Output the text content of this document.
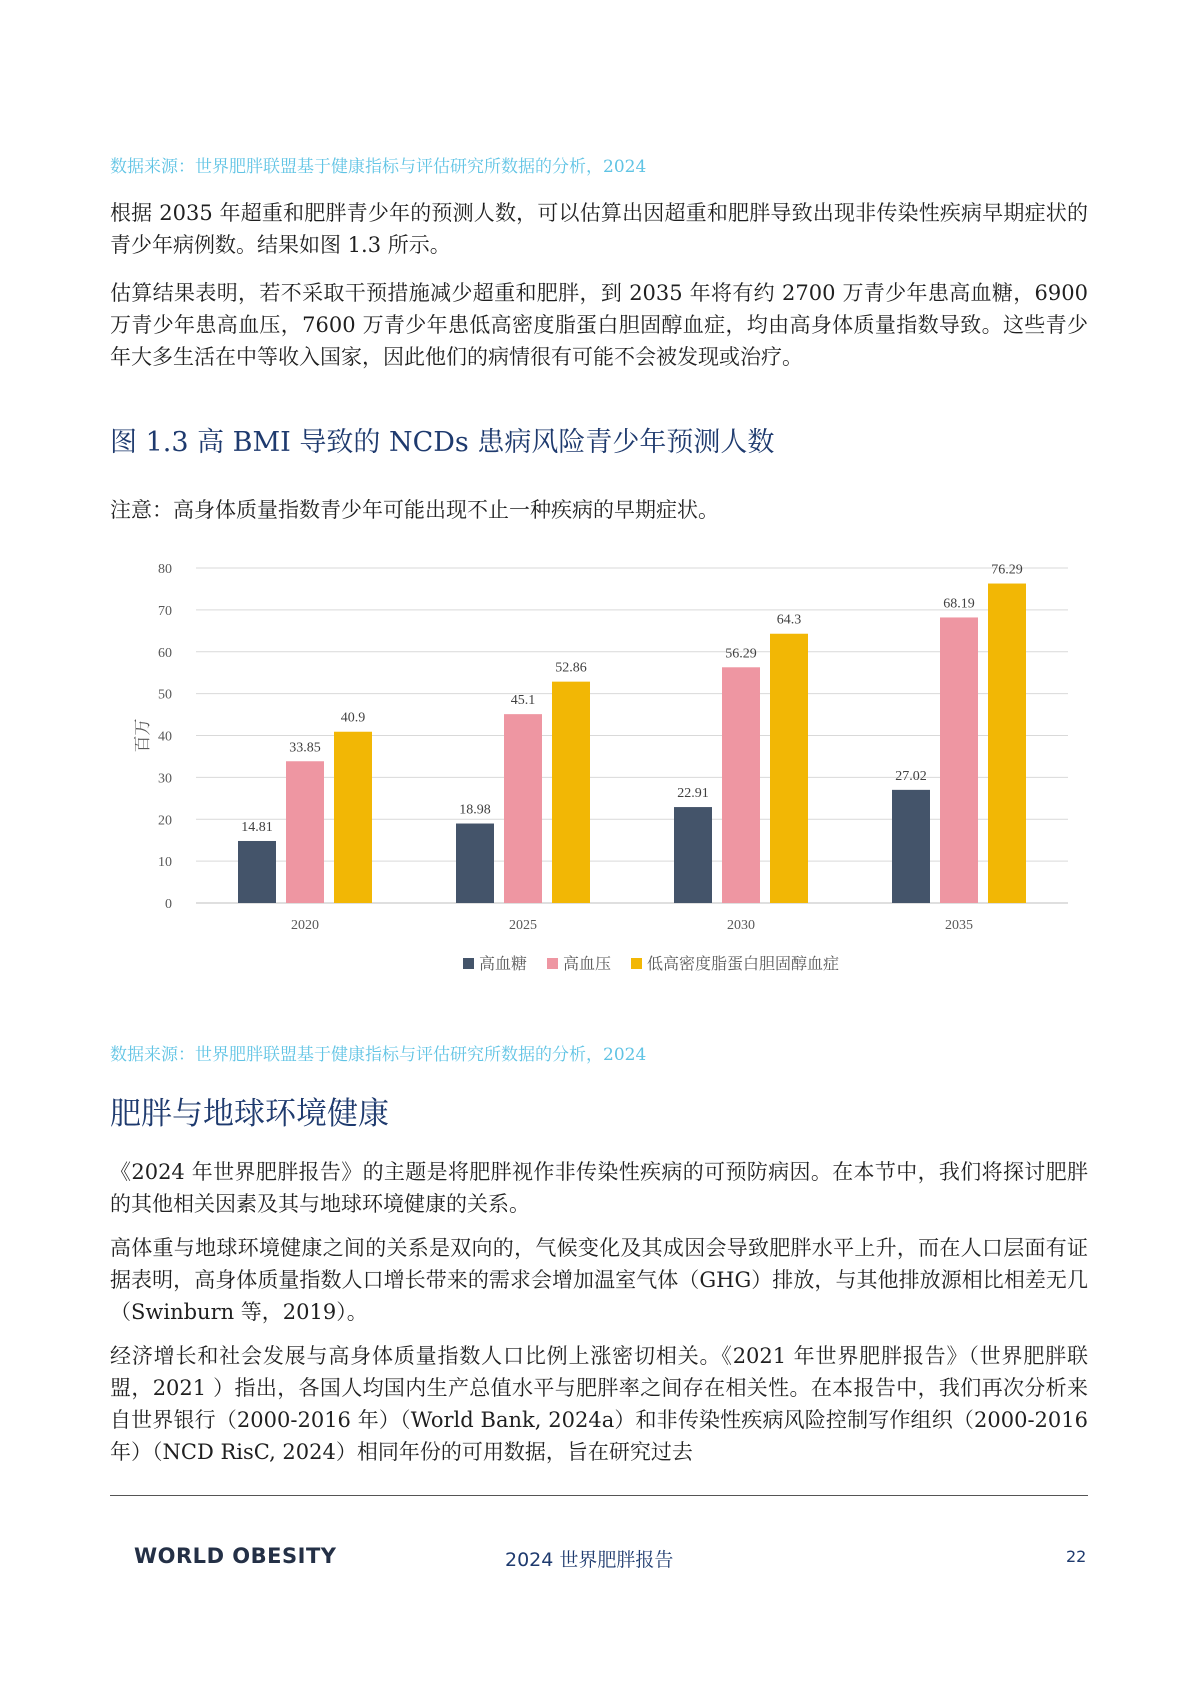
数据来源：世界肥胖联盟基于健康指标与评估研究所数据的分析，2024

根据 2035 年超重和肥胖青少年的预测人数，可以估算出因超重和肥胖导致出现非传染性疾病早期症状的青少年病例数。结果如图 1.3 所示。

估算结果表明，若不采取干预措施减少超重和肥胖，到 2035 年将有约 2700 万青少年患高血糖，6900 万青少年患高血压，7600 万青少年患低高密度脂蛋白胆固醇血症，均由高身体质量指数导致。这些青少年大多生活在中等收入国家，因此他们的病情很有可能不会被发现或治疗。

图 1.3 高 BMI 导致的 NCDs 患病风险青少年预测人数

注意：高身体质量指数青少年可能出现不止一种疾病的早期症状。

0
10
20
30
40
50
60
70
80
百万
14.81
33.85
40.9
2020
18.98
45.1
52.86
2025
22.91
56.29
64.3
2030
27.02
68.19
76.29
2035
高血糖 高血压 低高密度脂蛋白胆固醇血症
数据来源：世界肥胖联盟基于健康指标与评估研究所数据的分析，2024
肥胖与地球环境健康

《2024 年世界肥胖报告》的主题是将肥胖视作非传染性疾病的可预防病因。在本节中，我们将探讨肥胖的其他相关因素及其与地球环境健康的关系。

高体重与地球环境健康之间的关系是双向的，气候变化及其成因会导致肥胖水平上升，而在人口层面有证据表明，高身体质量指数人口增长带来的需求会增加温室气体（GHG）排放，与其他排放源相比相差无几（Swinburn 等，2019）。

经济增长和社会发展与高身体质量指数人口比例上涨密切相关。《2021 年世界肥胖报告》（世界肥胖联盟，2021 ）指出，各国人均国内生产总值水平与肥胖率之间存在相关性。在本报告中，我们再次分析来自世界银行（2000-2016 年）（World Bank, 2024a）和非传染性疾病风险控制写作组织（2000-2016 年）（NCD RisC, 2024）相同年份的可用数据，旨在研究过去

WORLD OBESITY	2024 世界肥胖报告	22
